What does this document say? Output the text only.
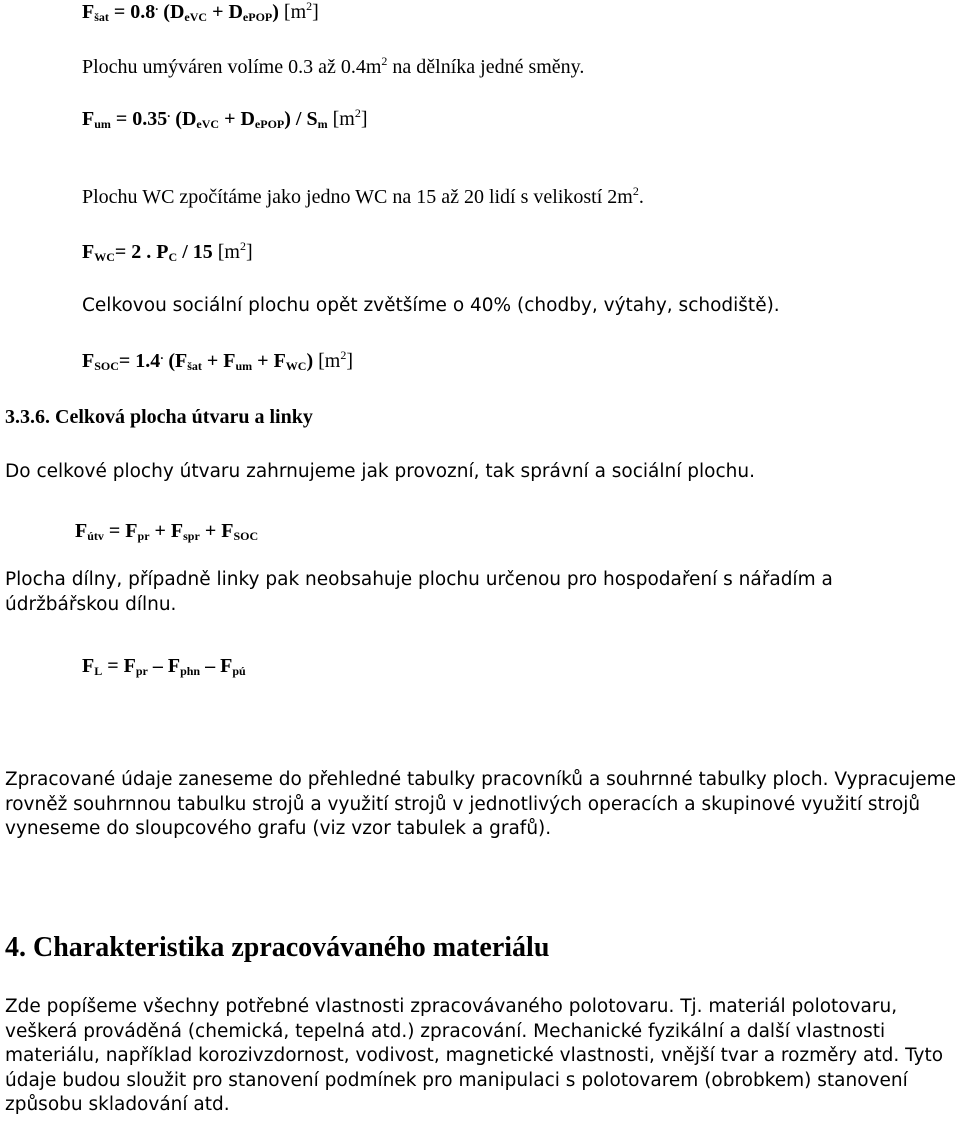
$F_{šat} = 0.8^.$ $(D_{eVC} + D_{ePOP})$ $[m^2]$
Plochu umýváren volíme 0.3 až $0.4m^2$ na dělníka jedné směny.
$F_{um} = 0.35^.$ $(D_{eVC} + D_{ePOP}) / S_m$ $[m^2]$
Plochu WC zpočítáme jako jedno WC na 15 až 20 lidí s velikostí $2m^2$.
$F_{WC}= 2$ . $P_C / 15$ $[m^2]$
Celkovou sociální plochu opět zvětšíme o 40% (chodby, výtahy, schodiště).
$F_{SOC}= 1.4^.$ $(F_{šat} + F_{um} + F_{WC})$ $[m^2]$
3.3.6. Celková plocha útvaru a linky
Do celkové plochy útvaru zahrnujeme jak provozní, tak správní a sociální plochu.
$F_{útv} = F_{pr} + F_{spr} + F_{SOC}$
Plocha dílny, případně linky pak neobsahuje plochu určenou pro hospodaření s nářadím a údržbářskou dílnu.
$F_L = F_{pr} - F_{phn} - F_{pú}$
Zpracované údaje zaneseme do přehledné tabulky pracovníků a souhrnné tabulky ploch. Vypracujeme rovněž souhrnnou tabulku strojů a využití strojů v jednotlivých operacích a skupinové využití strojů vyneseme do sloupcového grafu (viz vzor tabulek a grafů).
4. Charakteristika zpracovávaného materiálu
Zde popíšeme všechny potřebné vlastnosti zpracovávaného polotovaru. Tj. materiál polotovaru, veškerá prováděná (chemická, tepelná atd.) zpracování. Mechanické fyzikální a další vlastnosti materiálu, například korozivzdornost, vodivost, magnetické vlastnosti, vnější tvar a rozměry atd. Tyto údaje budou sloužit pro stanovení podmínek pro manipulaci s polotovarem (obrobkem) stanovení způsobu skladování atd.
